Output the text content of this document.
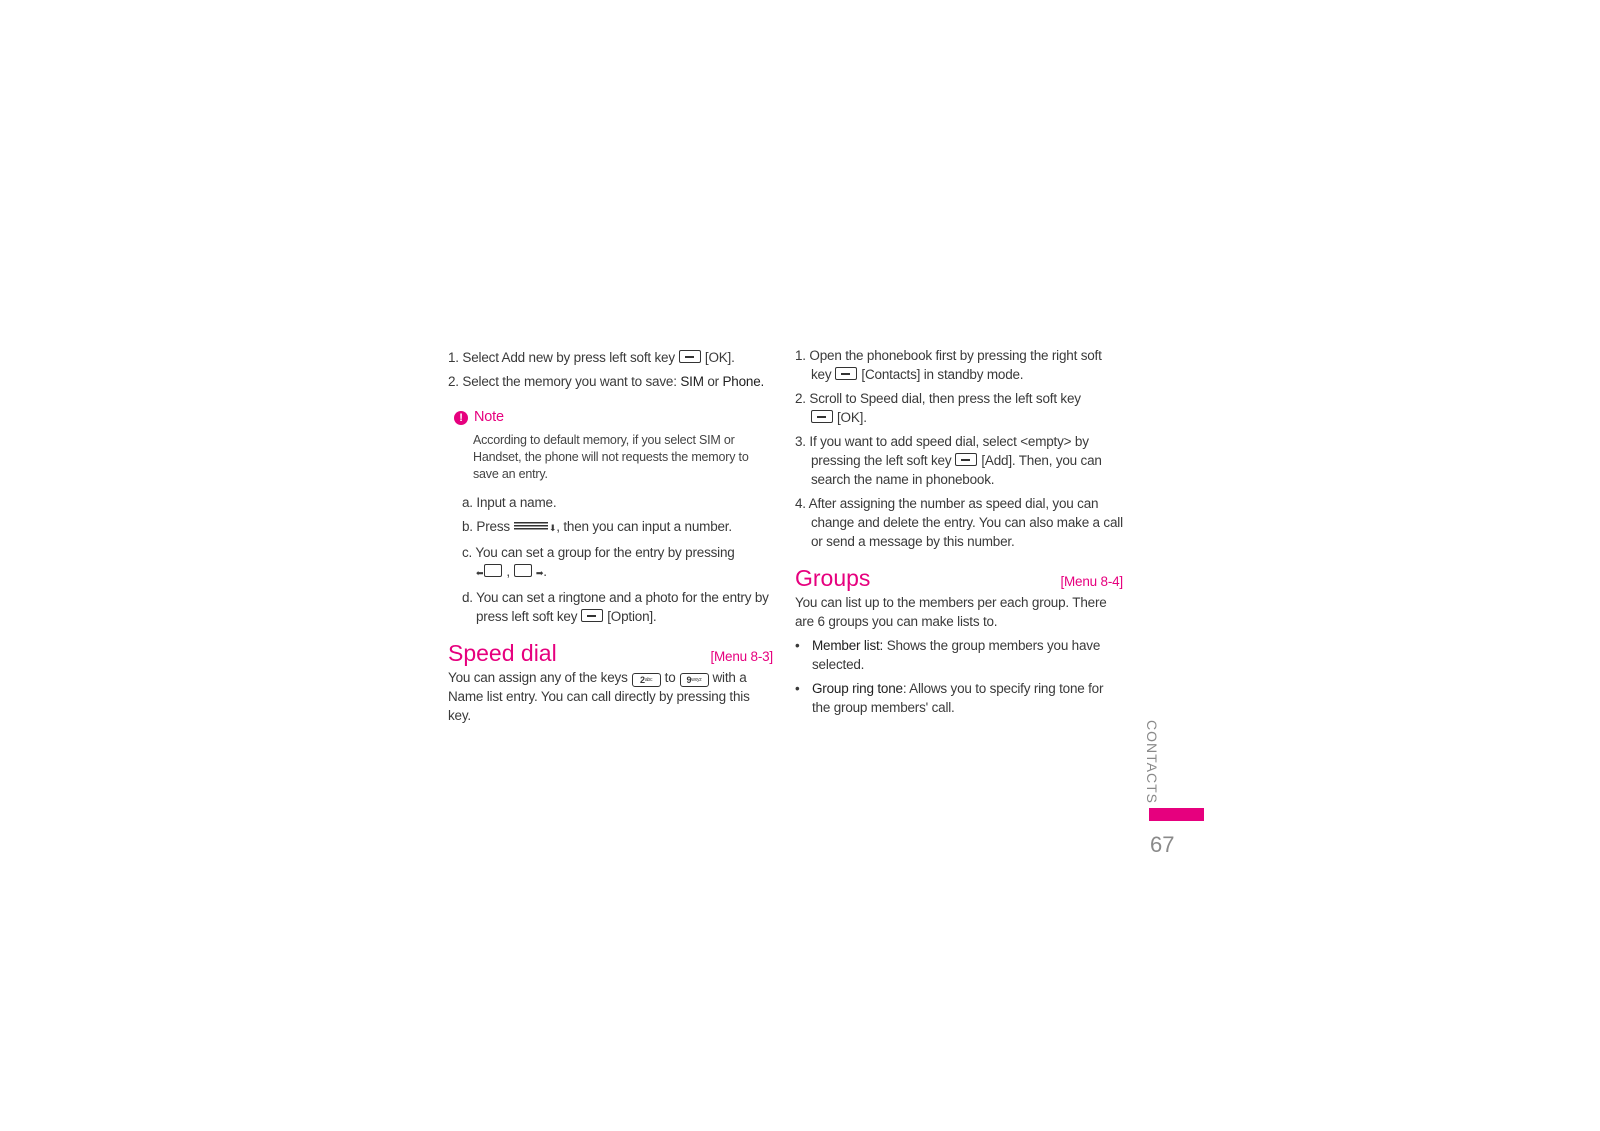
1. Select Add new by press left soft key [OK].

2. Select the memory you want to save: SIM or Phone.

! Note

According to default memory, if you select SIM or Handset, the phone will not requests the memory to save an entry.

a. Input a name.

b. Press	⬇, then you can input a number.

c. You can set a group for the entry by pressing
⬅ ,	➡.

d. You can set a ringtone and a photo for the entry by press left soft key [Option].

Speed dial	[Menu 8-3]

You can assign any of the keys $2^{abc}$ to $9^{wxyz}$ with a Name list entry. You can call directly by pressing this key.

1. Open the phonebook first by pressing the right soft key [Contacts] in standby mode.

2. Scroll to Speed dial, then press the left soft key
[OK].

3. If you want to add speed dial, select <empty> by pressing the left soft key [Add]. Then, you can search the name in phonebook.

4. After assigning the number as speed dial, you can change and delete the entry. You can also make a call or send a message by this number.

Groups	[Menu 8-4]

You can list up to the members per each group. There are 6 groups you can make lists to.

• Member list: Shows the group members you have selected.
• Group ring tone: Allows you to specify ring tone for the group members' call.
CONTACTS
67
